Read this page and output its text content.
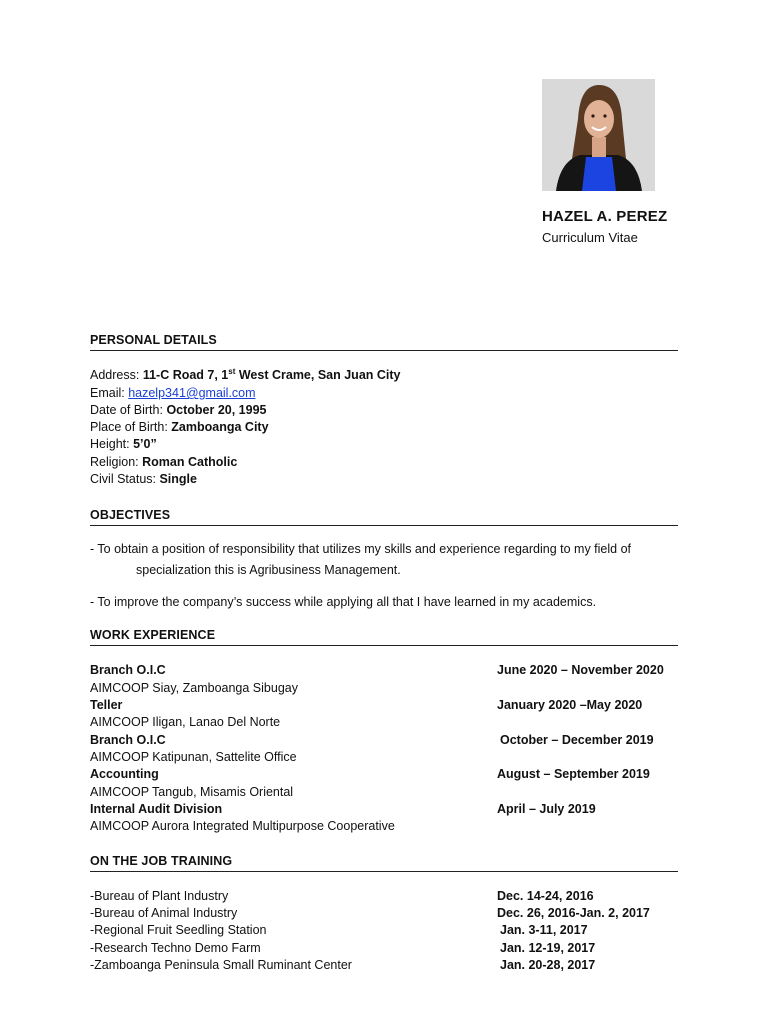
HAZEL A. PEREZ
Curriculum Vitae
PERSONAL DETAILS
Address: 11-C Road 7, 1st West Crame, San Juan City
Email: hazelp341@gmail.com
Date of Birth: October 20, 1995
Place of Birth: Zamboanga City
Height: 5’0”
Religion: Roman Catholic
Civil Status: Single
OBJECTIVES
- To obtain a position of responsibility that utilizes my skills and experience regarding to my field of
specialization this is Agribusiness Management.
- To improve the company’s success while applying all that I have learned in my academics.
WORK EXPERIENCE
Branch O.I.C	June 2020 – November 2020
AIMCOOP Siay, Zamboanga Sibugay
Teller	January 2020 –May 2020
AIMCOOP Iligan, Lanao Del Norte
Branch O.I.C	October – December 2019
AIMCOOP Katipunan, Sattelite Office
Accounting	August – September 2019
AIMCOOP Tangub, Misamis Oriental
Internal Audit Division	April – July 2019
AIMCOOP Aurora Integrated Multipurpose Cooperative
ON THE JOB TRAINING
-Bureau of Plant Industry	Dec. 14-24, 2016
-Bureau of Animal Industry	Dec. 26, 2016-Jan. 2, 2017
-Regional Fruit Seedling Station	Jan. 3-11, 2017
-Research Techno Demo Farm	Jan. 12-19, 2017
-Zamboanga Peninsula Small Ruminant Center	Jan. 20-28, 2017
